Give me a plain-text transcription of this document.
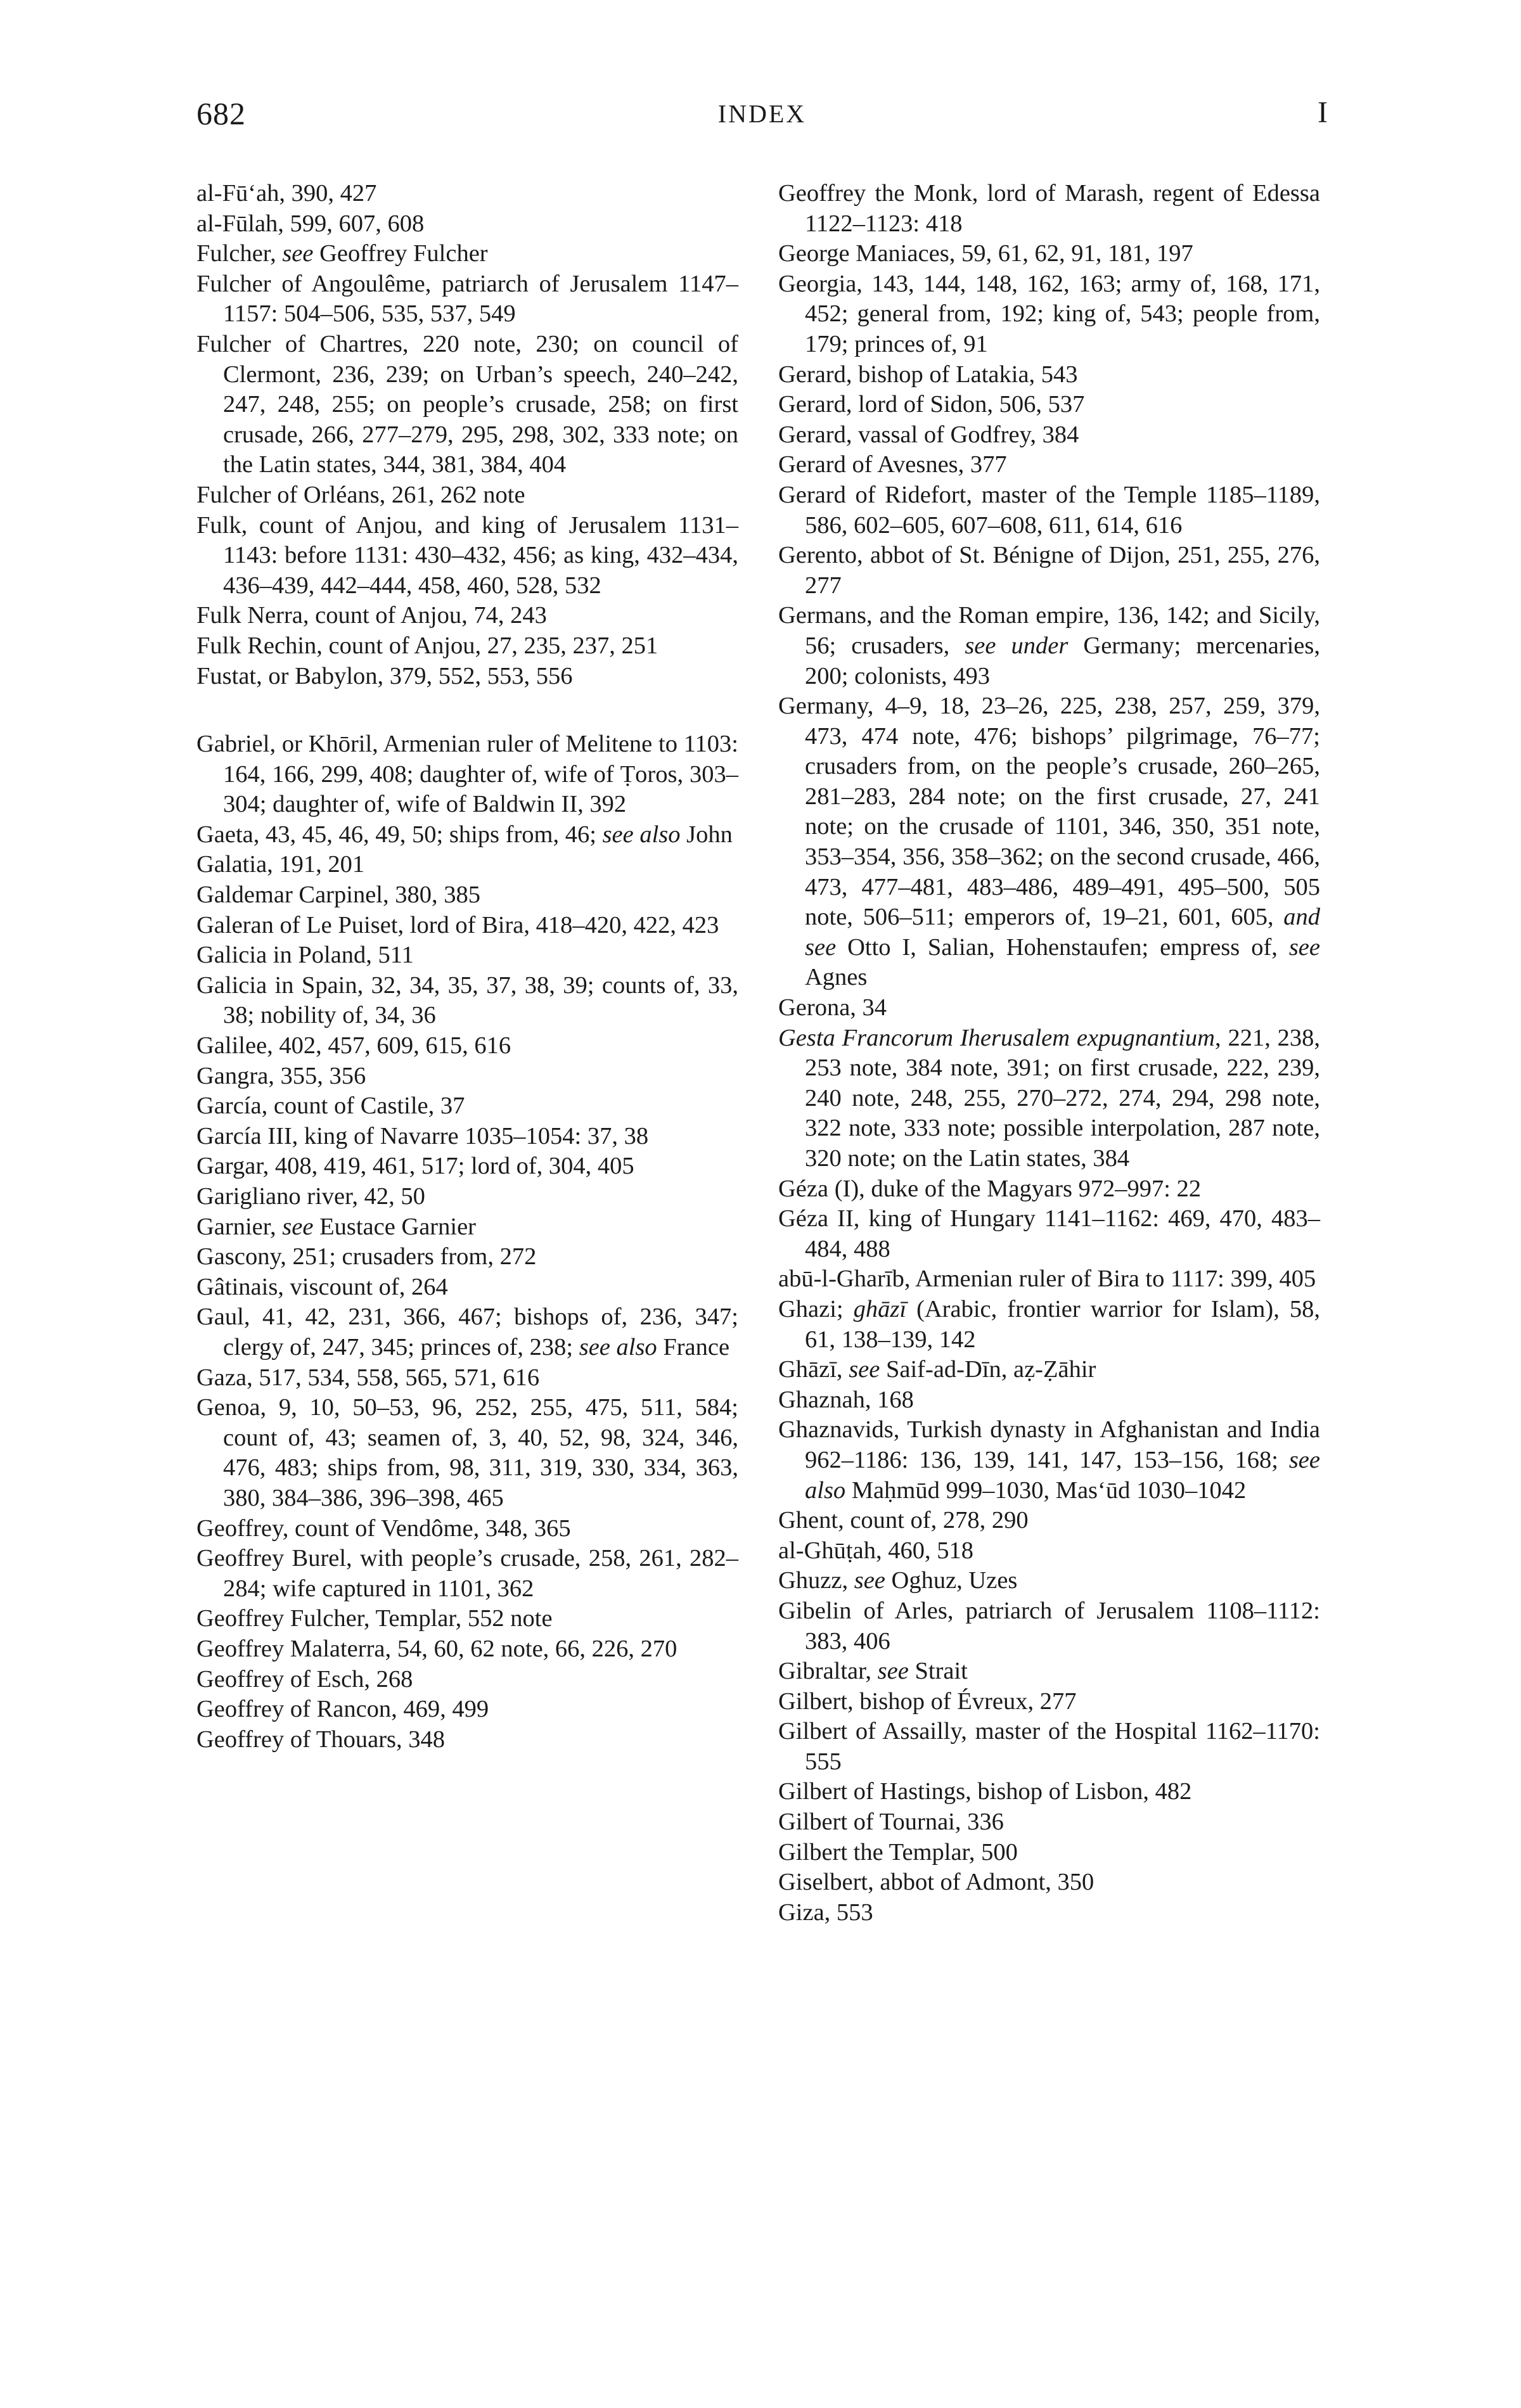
682	INDEX	I
al-Fū‘ah, 390, 427
al-Fūlah, 599, 607, 608
Fulcher, see Geoffrey Fulcher
Fulcher of Angoulême, patriarch of Jerusalem 1147–1157: 504–506, 535, 537, 549
Fulcher of Chartres, 220 note, 230; on council of Clermont, 236, 239; on Urban’s speech, 240–242, 247, 248, 255; on people’s crusade, 258; on first crusade, 266, 277–279, 295, 298, 302, 333 note; on the Latin states, 344, 381, 384, 404
Fulcher of Orléans, 261, 262 note
Fulk, count of Anjou, and king of Jerusalem 1131–1143: before 1131: 430–432, 456; as king, 432–434, 436–439, 442–444, 458, 460, 528, 532
Fulk Nerra, count of Anjou, 74, 243
Fulk Rechin, count of Anjou, 27, 235, 237, 251
Fustat, or Babylon, 379, 552, 553, 556
Gabriel, or Khōril, Armenian ruler of Melitene to 1103: 164, 166, 299, 408; daughter of, wife of Ṭoros, 303–304; daughter of, wife of Baldwin II, 392
Gaeta, 43, 45, 46, 49, 50; ships from, 46; see also John
Galatia, 191, 201
Galdemar Carpinel, 380, 385
Galeran of Le Puiset, lord of Bira, 418–420, 422, 423
Galicia in Poland, 511
Galicia in Spain, 32, 34, 35, 37, 38, 39; counts of, 33, 38; nobility of, 34, 36
Galilee, 402, 457, 609, 615, 616
Gangra, 355, 356
García, count of Castile, 37
García III, king of Navarre 1035–1054: 37, 38
Gargar, 408, 419, 461, 517; lord of, 304, 405
Garigliano river, 42, 50
Garnier, see Eustace Garnier
Gascony, 251; crusaders from, 272
Gâtinais, viscount of, 264
Gaul, 41, 42, 231, 366, 467; bishops of, 236, 347; clergy of, 247, 345; princes of, 238; see also France
Gaza, 517, 534, 558, 565, 571, 616
Genoa, 9, 10, 50–53, 96, 252, 255, 475, 511, 584; count of, 43; seamen of, 3, 40, 52, 98, 324, 346, 476, 483; ships from, 98, 311, 319, 330, 334, 363, 380, 384–386, 396–398, 465
Geoffrey, count of Vendôme, 348, 365
Geoffrey Burel, with people’s crusade, 258, 261, 282–284; wife captured in 1101, 362
Geoffrey Fulcher, Templar, 552 note
Geoffrey Malaterra, 54, 60, 62 note, 66, 226, 270
Geoffrey of Esch, 268
Geoffrey of Rancon, 469, 499
Geoffrey of Thouars, 348
Geoffrey the Monk, lord of Marash, regent of Edessa 1122–1123: 418
George Maniaces, 59, 61, 62, 91, 181, 197
Georgia, 143, 144, 148, 162, 163; army of, 168, 171, 452; general from, 192; king of, 543; people from, 179; princes of, 91
Gerard, bishop of Latakia, 543
Gerard, lord of Sidon, 506, 537
Gerard, vassal of Godfrey, 384
Gerard of Avesnes, 377
Gerard of Ridefort, master of the Temple 1185–1189, 586, 602–605, 607–608, 611, 614, 616
Gerento, abbot of St. Bénigne of Dijon, 251, 255, 276, 277
Germans, and the Roman empire, 136, 142; and Sicily, 56; crusaders, see under Germany; mercenaries, 200; colonists, 493
Germany, 4–9, 18, 23–26, 225, 238, 257, 259, 379, 473, 474 note, 476; bishops’ pilgrimage, 76–77; crusaders from, on the people’s crusade, 260–265, 281–283, 284 note; on the first crusade, 27, 241 note; on the crusade of 1101, 346, 350, 351 note, 353–354, 356, 358–362; on the second crusade, 466, 473, 477–481, 483–486, 489–491, 495–500, 505 note, 506–511; emperors of, 19–21, 601, 605, and see Otto I, Salian, Hohenstaufen; empress of, see Agnes
Gerona, 34
Gesta Francorum Iherusalem expugnantium, 221, 238, 253 note, 384 note, 391; on first crusade, 222, 239, 240 note, 248, 255, 270–272, 274, 294, 298 note, 322 note, 333 note; possible interpolation, 287 note, 320 note; on the Latin states, 384
Géza (I), duke of the Magyars 972–997: 22
Géza II, king of Hungary 1141–1162: 469, 470, 483–484, 488
abū-l-Gharīb, Armenian ruler of Bira to 1117: 399, 405
Ghazi; ghāzī (Arabic, frontier warrior for Islam), 58, 61, 138–139, 142
Ghāzī, see Saif-ad-Dīn, aẓ-Ẓāhir
Ghaznah, 168
Ghaznavids, Turkish dynasty in Afghanistan and India 962–1186: 136, 139, 141, 147, 153–156, 168; see also Maḥmūd 999–1030, Mas‘ūd 1030–1042
Ghent, count of, 278, 290
al-Ghūṭah, 460, 518
Ghuzz, see Oghuz, Uzes
Gibelin of Arles, patriarch of Jerusalem 1108–1112: 383, 406
Gibraltar, see Strait
Gilbert, bishop of Évreux, 277
Gilbert of Assailly, master of the Hospital 1162–1170: 555
Gilbert of Hastings, bishop of Lisbon, 482
Gilbert of Tournai, 336
Gilbert the Templar, 500
Giselbert, abbot of Admont, 350
Giza, 553
